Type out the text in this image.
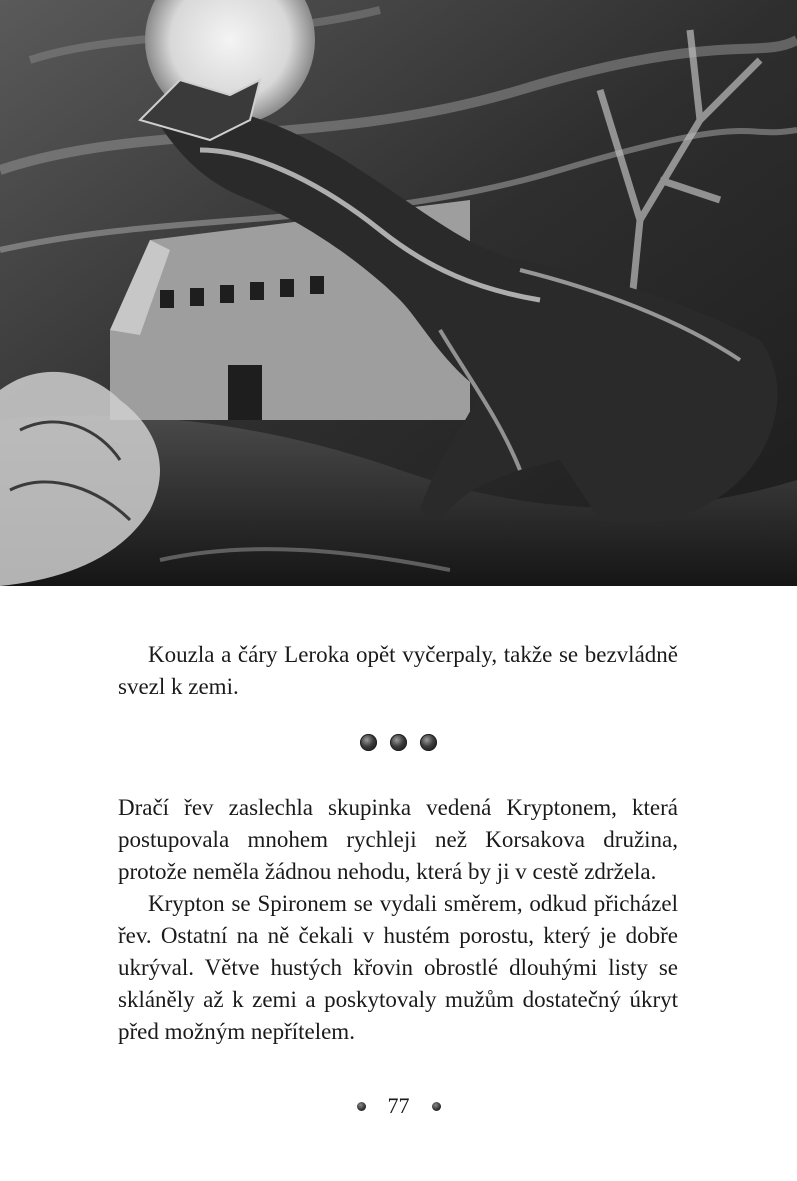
Kouzla a čáry Leroka opět vyčerpaly, takže se bezvládně svezl k zemi.

Dračí řev zaslechla skupinka vedená Kryptonem, která postupovala mnohem rychleji než Korsakova družina, protože neměla žádnou nehodu, která by ji v cestě zdržela.

Krypton se Spironem se vydali směrem, odkud přicházel řev. Ostatní na ně čekali v hustém porostu, který je dobře ukrýval. Větve hustých křovin obrostlé dlouhými listy se skláněly až k zemi a poskytovaly mužům dostatečný úkryt před možným nepřítelem.

77
